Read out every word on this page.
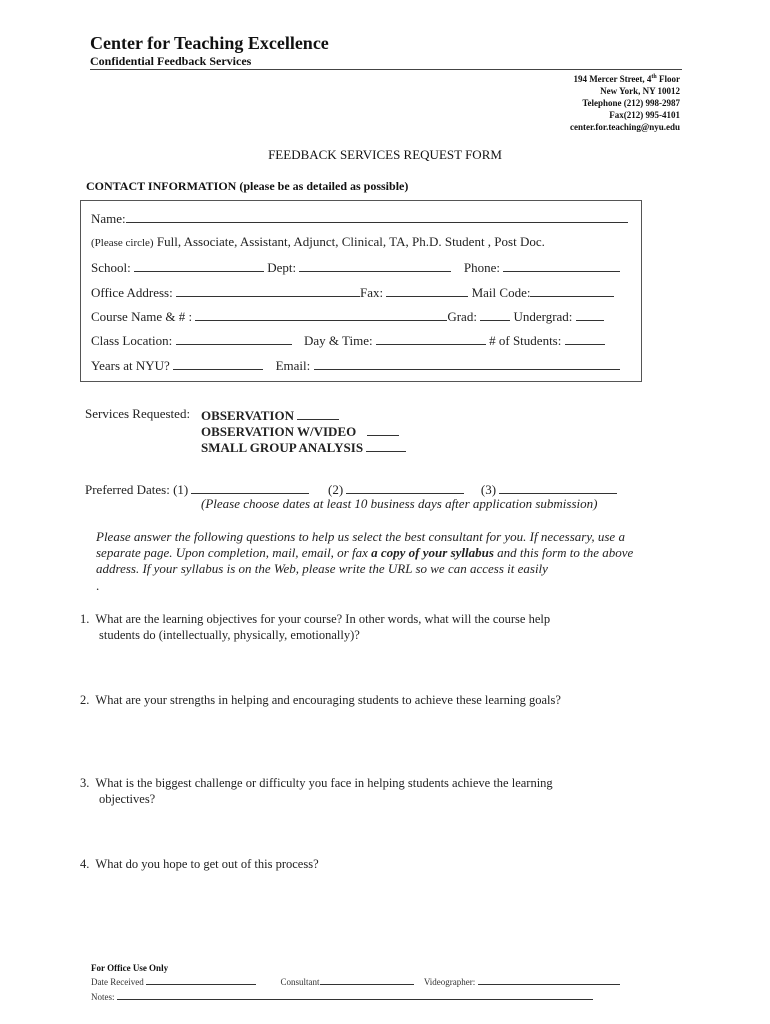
Center for Teaching Excellence
Confidential Feedback Services
194 Mercer Street, 4th Floor
New York, NY 10012
Telephone (212) 998-2987
Fax(212) 995-4101
center.for.teaching@nyu.edu
FEEDBACK SERVICES REQUEST FORM
CONTACT INFORMATION (please be as detailed as possible)
Name:
(Please circle) Full, Associate, Assistant, Adjunct, Clinical, TA, Ph.D. Student , Post Doc.
School:	Dept:	Phone:
Office Address:	Fax:	Mail Code:
Course Name & # :	Grad:	Undergrad:
Class Location:	Day & Time:	# of Students:
Years at NYU?	Email:
Services Requested: OBSERVATION
OBSERVATION W/VIDEO
SMALL GROUP ANALYSIS
Preferred Dates: (1)	(2)	(3)
(Please choose dates at least 10 business days after application submission)
Please answer the following questions to help us select the best consultant for you. If necessary, use a
separate page. Upon completion, mail, email, or fax a copy of your syllabus and this form to the above
address. If your syllabus is on the Web, please write the URL so we can access it easily
.
1. What are the learning objectives for your course? In other words, what will the course help
students do (intellectually, physically, emotionally)?
2. What are your strengths in helping and encouraging students to achieve these learning goals?
3. What is the biggest challenge or difficulty you face in helping students achieve the learning
objectives?
4. What do you hope to get out of this process?
For Office Use Only
Date Received	Consultant	Videographer:
Notes:
